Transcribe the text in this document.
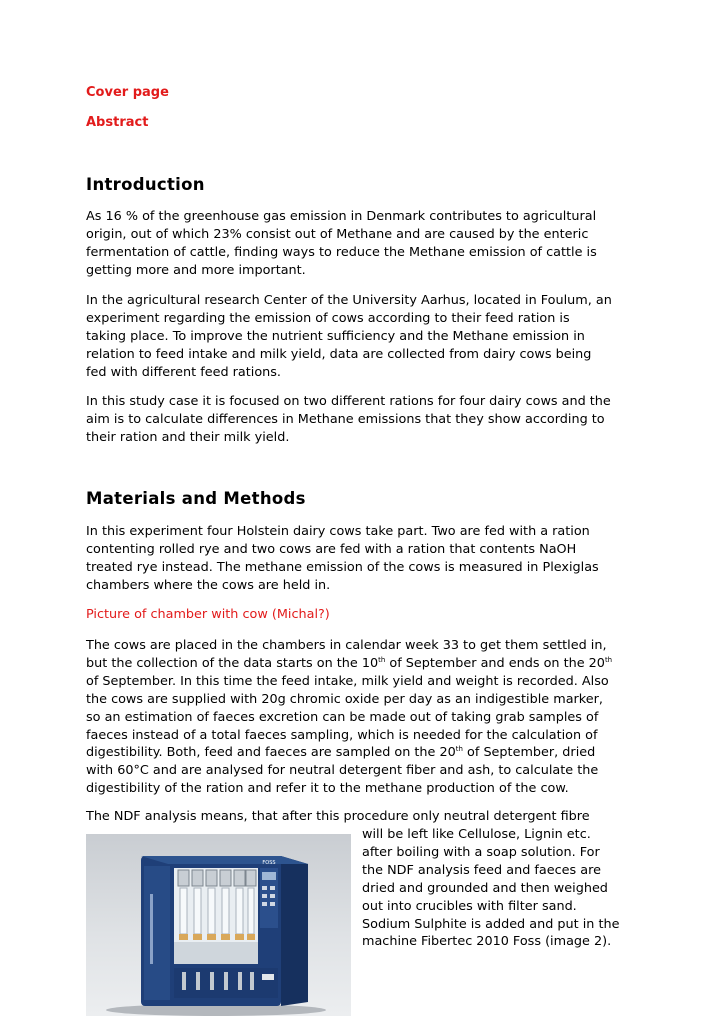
Cover page
Abstract
Introduction
As 16 % of the greenhouse gas emission in Denmark contributes to agricultural
origin, out of which 23% consist out of Methane and are caused by the enteric
fermentation of cattle, finding ways to reduce the Methane emission of cattle is
getting more and more important.
In the agricultural research Center of the University Aarhus, located in Foulum, an
experiment regarding the emission of cows according to their feed ration is
taking place. To improve the nutrient sufficiency and the Methane emission in
relation to feed intake and milk yield, data are collected from dairy cows being
fed with different feed rations.
In this study case it is focused on two different rations for four dairy cows and the
aim is to calculate differences in Methane emissions that they show according to
their ration and their milk yield.
Materials and Methods
In this experiment four Holstein dairy cows take part. Two are fed with a ration
contenting rolled rye and two cows are fed with a ration that contents NaOH
treated rye instead. The methane emission of the cows is measured in Plexiglas
chambers where the cows are held in.
Picture of chamber with cow (Michal?)
The cows are placed in the chambers in calendar week 33 to get them settled in,
but the collection of the data starts on the 10th of September and ends on the 20th
of September. In this time the feed intake, milk yield and weight is recorded. Also
the cows are supplied with 20g chromic oxide per day as an indigestible marker,
so an estimation of faeces excretion can be made out of taking grab samples of
faeces instead of a total faeces sampling, which is needed for the calculation of
digestibility. Both, feed and faeces are sampled on the 20th of September, dried
with 60°C and are analysed for neutral detergent fiber and ash, to calculate the
digestibility of the ration and refer it to the methane production of the cow.
The NDF analysis means, that after this procedure only neutral detergent fibre
will be left like Cellulose, Lignin etc.
after boiling with a soap solution. For
the NDF analysis feed and faeces are
dried and grounded and then weighed
out into crucibles with filter sand.
Sodium Sulphite is added and put in the
machine Fibertec 2010 Foss (image 2).
FOSS
